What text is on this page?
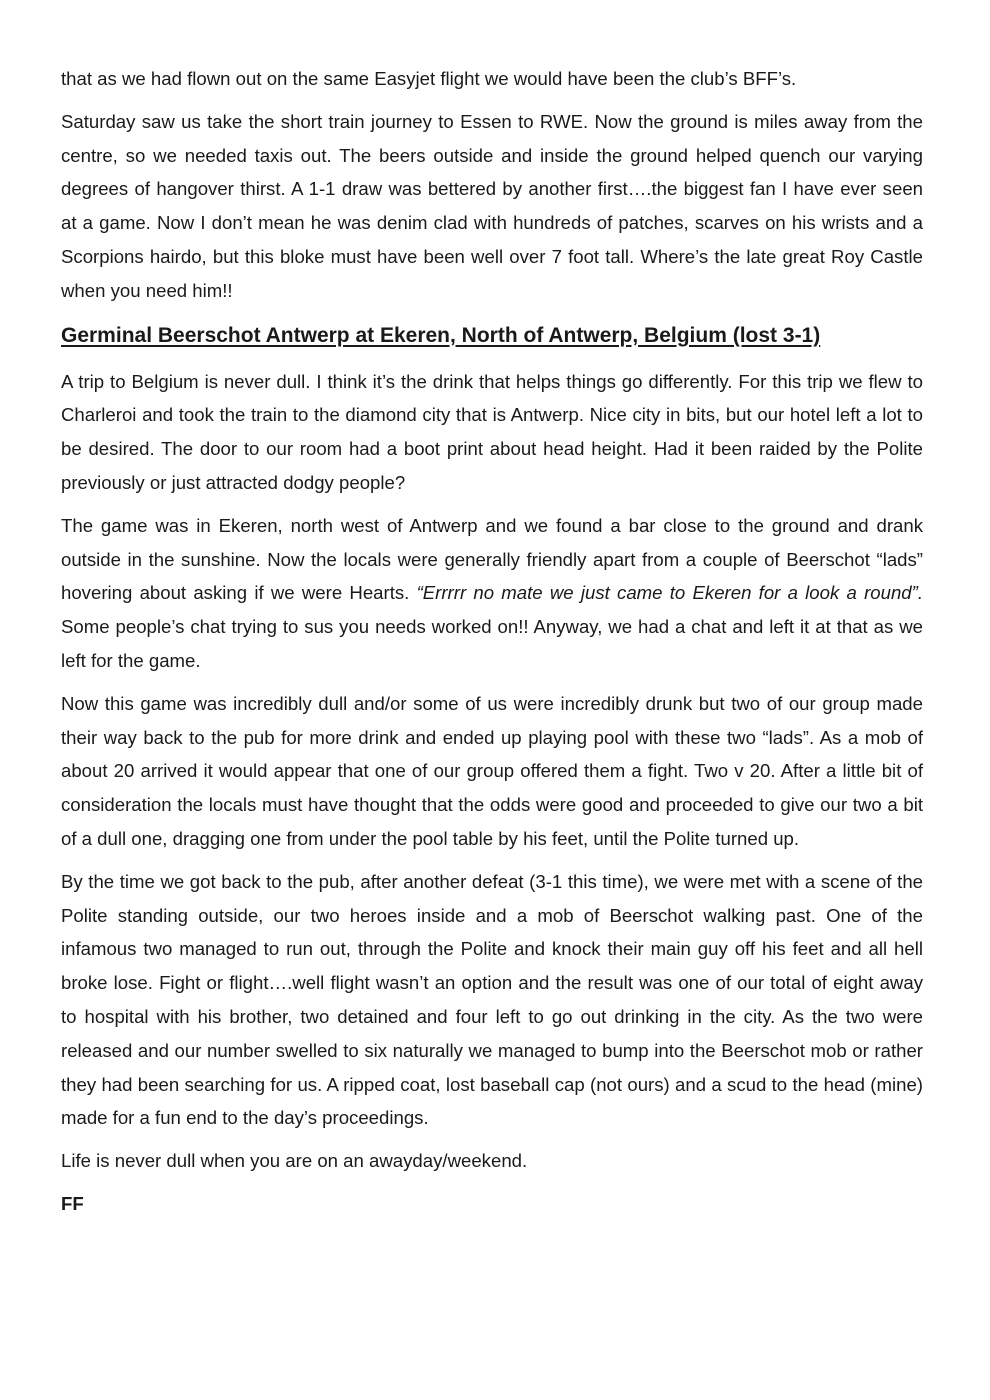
that as we had flown out on the same Easyjet flight we would have been the club’s BFF’s.

Saturday saw us take the short train journey to Essen to RWE. Now the ground is miles away from the centre, so we needed taxis out. The beers outside and inside the ground helped quench our varying degrees of hangover thirst. A 1-1 draw was bettered by another first….the biggest fan I have ever seen at a game. Now I don’t mean he was denim clad with hundreds of patches, scarves on his wrists and a Scorpions hairdo, but this bloke must have been well over 7 foot tall. Where’s the late great Roy Castle when you need him!!

Germinal Beerschot Antwerp at Ekeren, North of Antwerp, Belgium (lost 3-1)

A trip to Belgium is never dull. I think it’s the drink that helps things go differently. For this trip we flew to Charleroi and took the train to the diamond city that is Antwerp. Nice city in bits, but our hotel left a lot to be desired. The door to our room had a boot print about head height. Had it been raided by the Polite previously or just attracted dodgy people?

The game was in Ekeren, north west of Antwerp and we found a bar close to the ground and drank outside in the sunshine. Now the locals were generally friendly apart from a couple of Beerschot “lads” hovering about asking if we were Hearts. “Errrrr no mate we just came to Ekeren for a look a round”. Some people’s chat trying to sus you needs worked on!! Anyway, we had a chat and left it at that as we left for the game.

Now this game was incredibly dull and/or some of us were incredibly drunk but two of our group made their way back to the pub for more drink and ended up playing pool with these two “lads”. As a mob of about 20 arrived it would appear that one of our group offered them a fight. Two v 20. After a little bit of consideration the locals must have thought that the odds were good and proceeded to give our two a bit of a dull one, dragging one from under the pool table by his feet, until the Polite turned up.

By the time we got back to the pub, after another defeat (3-1 this time), we were met with a scene of the Polite standing outside, our two heroes inside and a mob of Beerschot walking past. One of the infamous two managed to run out, through the Polite and knock their main guy off his feet and all hell broke lose. Fight or flight….well flight wasn’t an option and the result was one of our total of eight away to hospital with his brother, two detained and four left to go out drinking in the city. As the two were released and our number swelled to six naturally we managed to bump into the Beerschot mob or rather they had been searching for us. A ripped coat, lost baseball cap (not ours) and a scud to the head (mine) made for a fun end to the day’s proceedings.

Life is never dull when you are on an awayday/weekend.

FF
